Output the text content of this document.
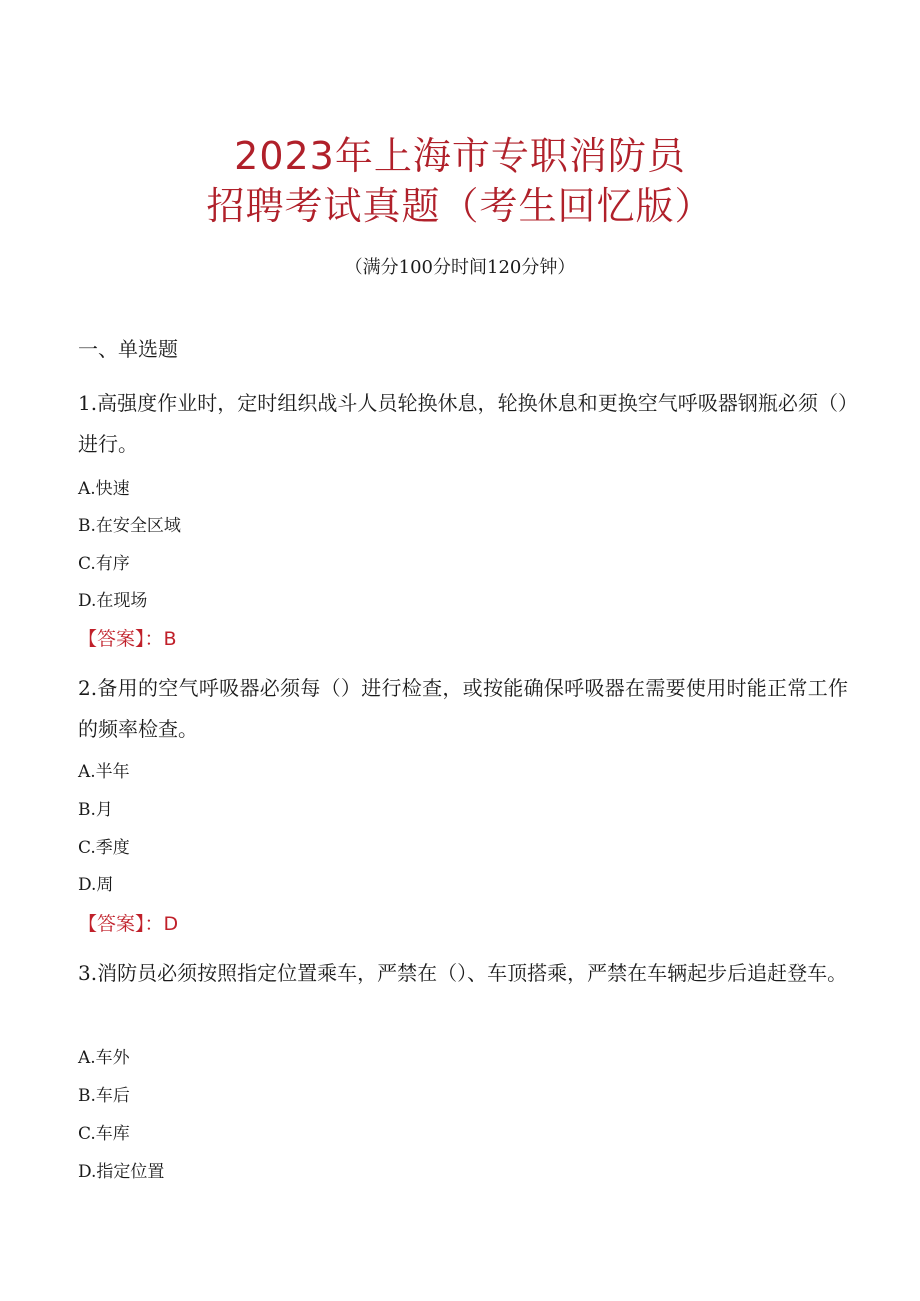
2023年上海市专职消防员
招聘考试真题（考生回忆版）
（满分100分时间120分钟）
一、单选题
1.高强度作业时，定时组织战斗人员轮换休息，轮换休息和更换空气呼吸器钢瓶必须（）进行。
A.快速
B.在安全区域
C.有序
D.在现场
【答案】：B
2.备用的空气呼吸器必须每（）进行检查，或按能确保呼吸器在需要使用时能正常工作的频率检查。
A.半年
B.月
C.季度
D.周
【答案】：D
3.消防员必须按照指定位置乘车，严禁在（）、车顶搭乘，严禁在车辆起步后追赶登车。
A.车外
B.车后
C.车库
D.指定位置
